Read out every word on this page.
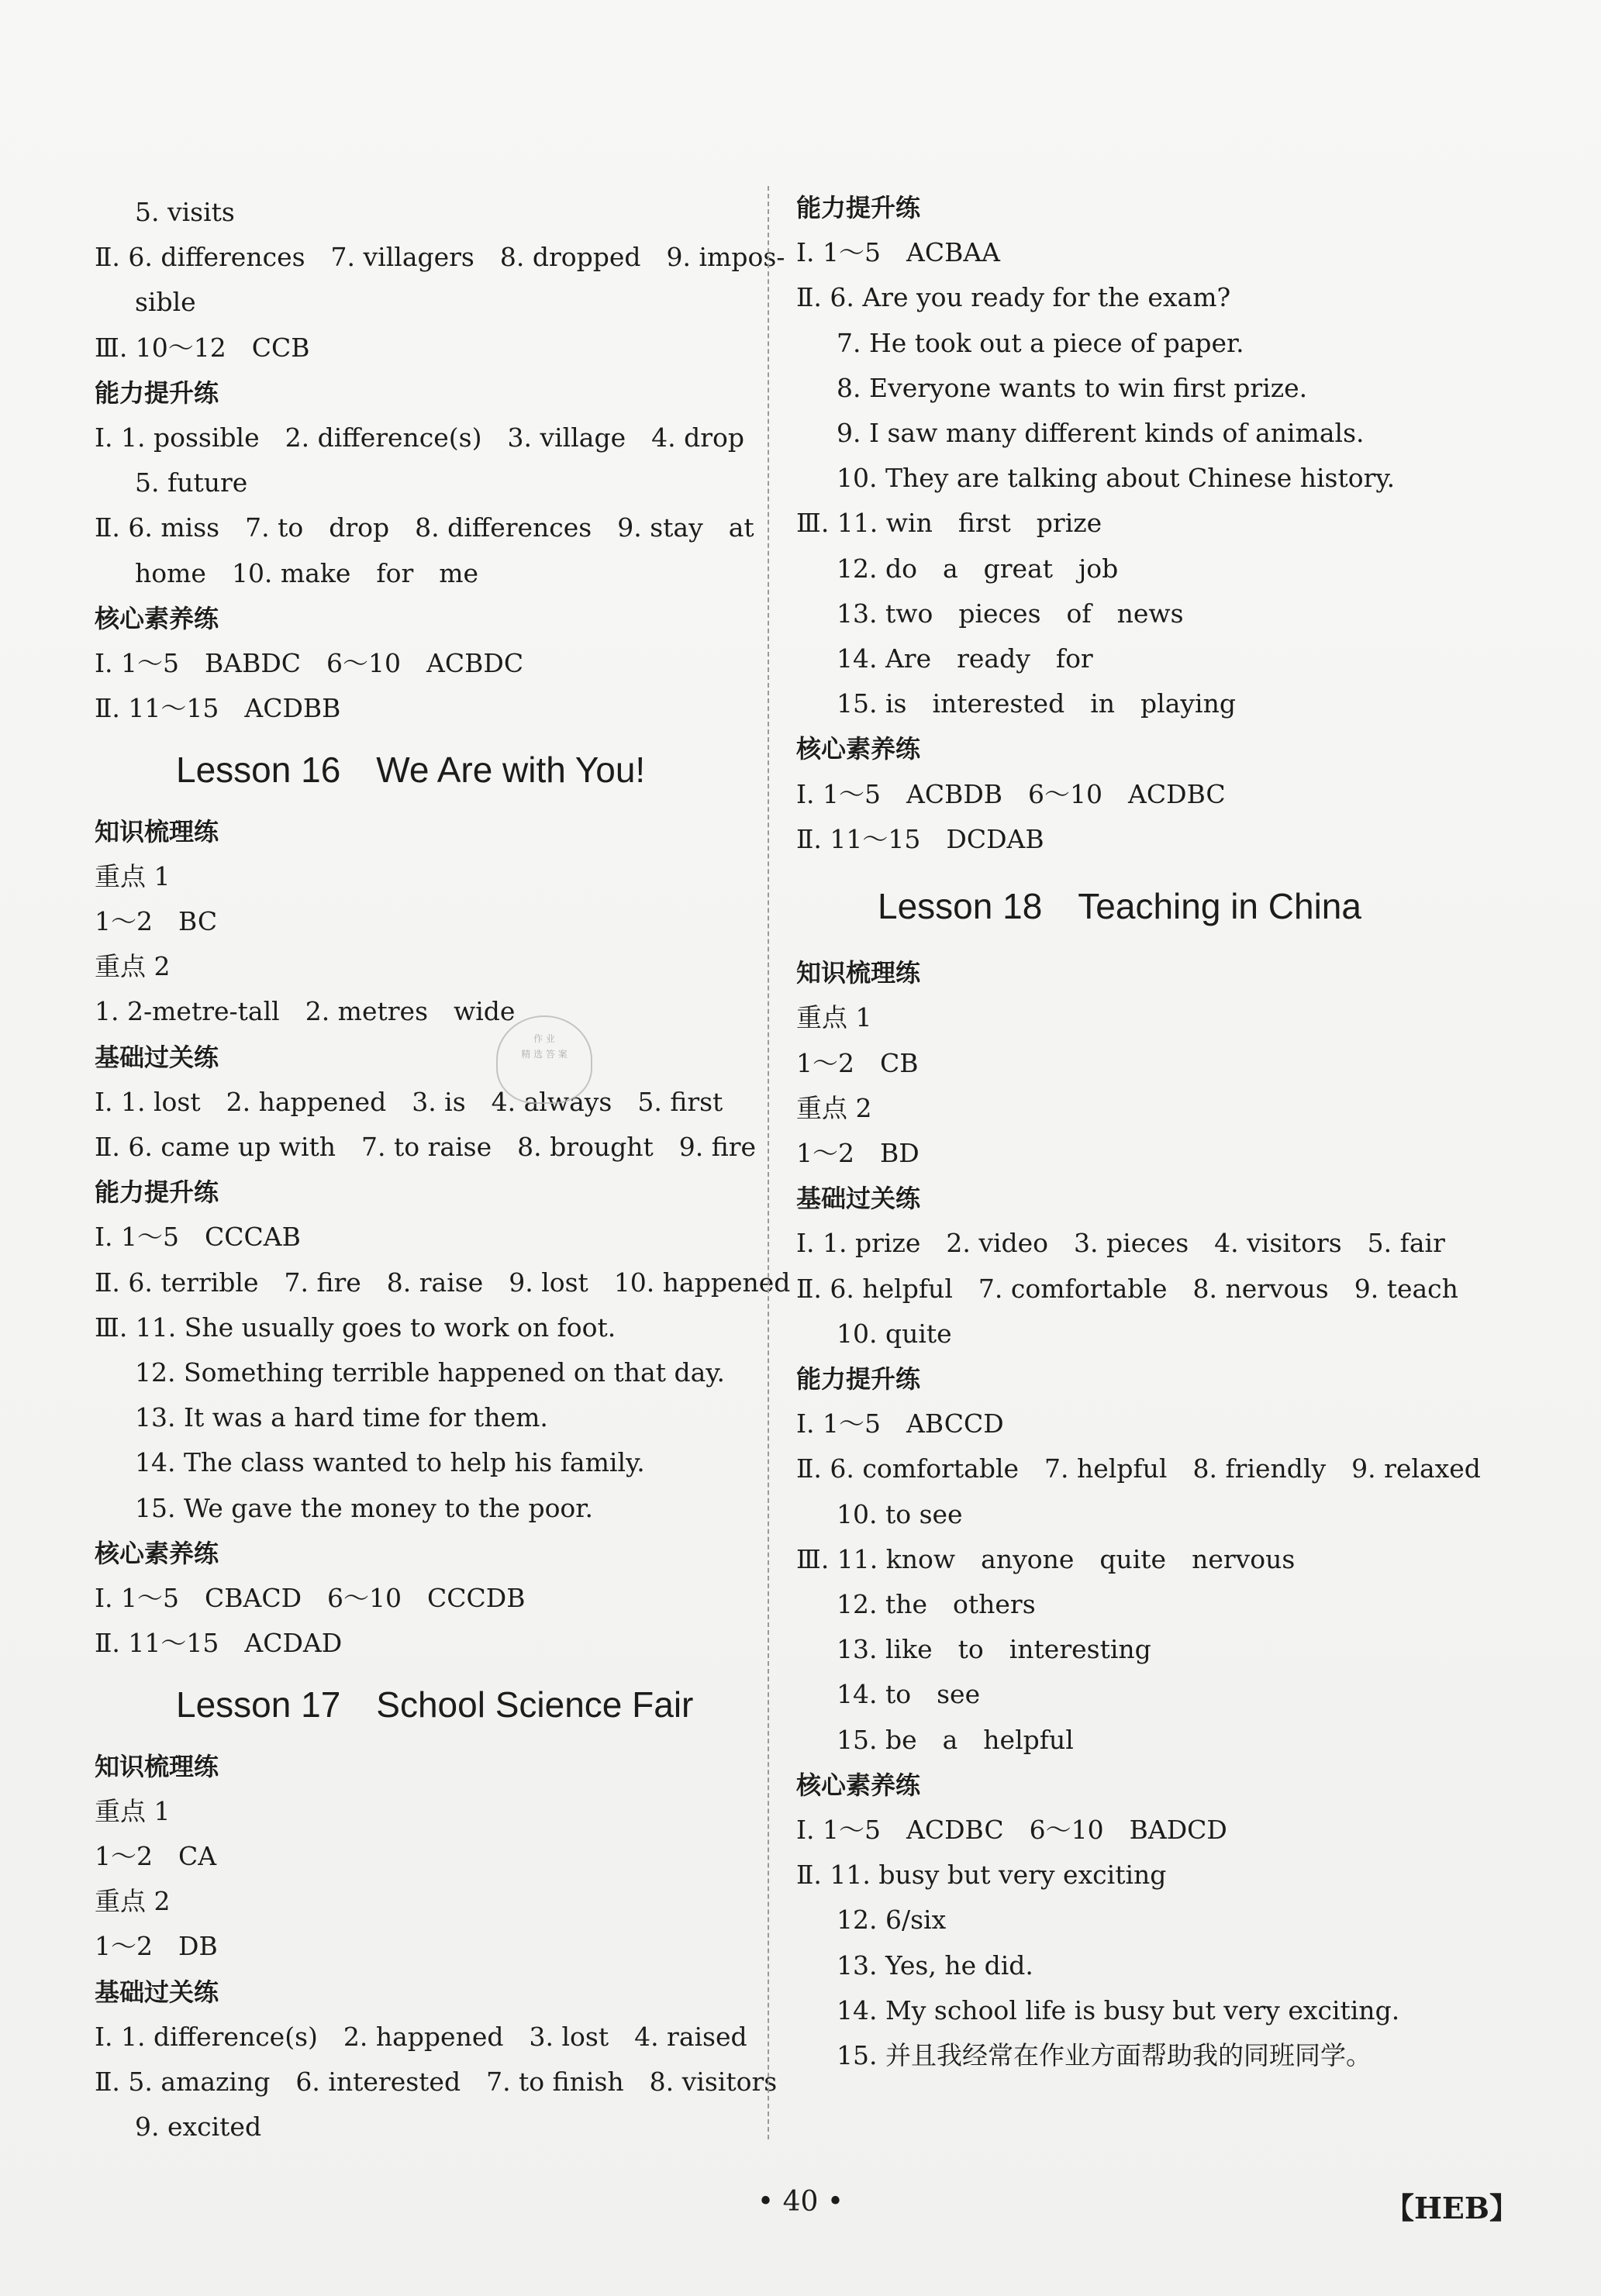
5. visits
Ⅱ. 6. differences　7. villagers　8. dropped　9. impos-
sible
Ⅲ. 10～12　CCB
能力提升练
Ⅰ. 1. possible　2. difference(s)　3. village　4. drop
5. future
Ⅱ. 6. miss　7. to　drop　8. differences　9. stay　at
home　10. make　for　me
核心素养练
Ⅰ. 1～5　BABDC　6～10　ACBDC
Ⅱ. 11～15　ACDBB
Lesson 16　We Are with You!
知识梳理练
重点 1
1～2　BC
重点 2
1. 2-metre-tall　2. metres　wide
基础过关练
Ⅰ. 1. lost　2. happened　3. is　4. always　5. first
Ⅱ. 6. came up with　7. to raise　8. brought　9. fire
能力提升练
Ⅰ. 1～5　CCCAB
Ⅱ. 6. terrible　7. fire　8. raise　9. lost　10. happened
Ⅲ. 11. She usually goes to work on foot.
12. Something terrible happened on that day.
13. It was a hard time for them.
14. The class wanted to help his family.
15. We gave the money to the poor.
核心素养练
Ⅰ. 1～5　CBACD　6～10　CCCDB
Ⅱ. 11～15　ACDAD
Lesson 17　School Science Fair
知识梳理练
重点 1
1～2　CA
重点 2
1～2　DB
基础过关练
Ⅰ. 1. difference(s)　2. happened　3. lost　4. raised
Ⅱ. 5. amazing　6. interested　7. to finish　8. visitors
9. excited
能力提升练
Ⅰ. 1～5　ACBAA
Ⅱ. 6. Are you ready for the exam?
7. He took out a piece of paper.
8. Everyone wants to win first prize.
9. I saw many different kinds of animals.
10. They are talking about Chinese history.
Ⅲ. 11. win　first　prize
12. do　a　great　job
13. two　pieces　of　news
14. Are　ready　for
15. is　interested　in　playing
核心素养练
Ⅰ. 1～5　ACBDB　6～10　ACDBC
Ⅱ. 11～15　DCDAB
Lesson 18　Teaching in China
知识梳理练
重点 1
1～2　CB
重点 2
1～2　BD
基础过关练
Ⅰ. 1. prize　2. video　3. pieces　4. visitors　5. fair
Ⅱ. 6. helpful　7. comfortable　8. nervous　9. teach
10. quite
能力提升练
Ⅰ. 1～5　ABCCD
Ⅱ. 6. comfortable　7. helpful　8. friendly　9. relaxed
10. to see
Ⅲ. 11. know　anyone　quite　nervous
12. the　others
13. like　to　interesting
14. to　see
15. be　a　helpful
核心素养练
Ⅰ. 1～5　ACDBC　6～10　BADCD
Ⅱ. 11. busy but very exciting
12. 6/six
13. Yes, he did.
14. My school life is busy but very exciting.
15. 并且我经常在作业方面帮助我的同班同学。
作 业
精 选 答 案
• 40 •	【HEB】
